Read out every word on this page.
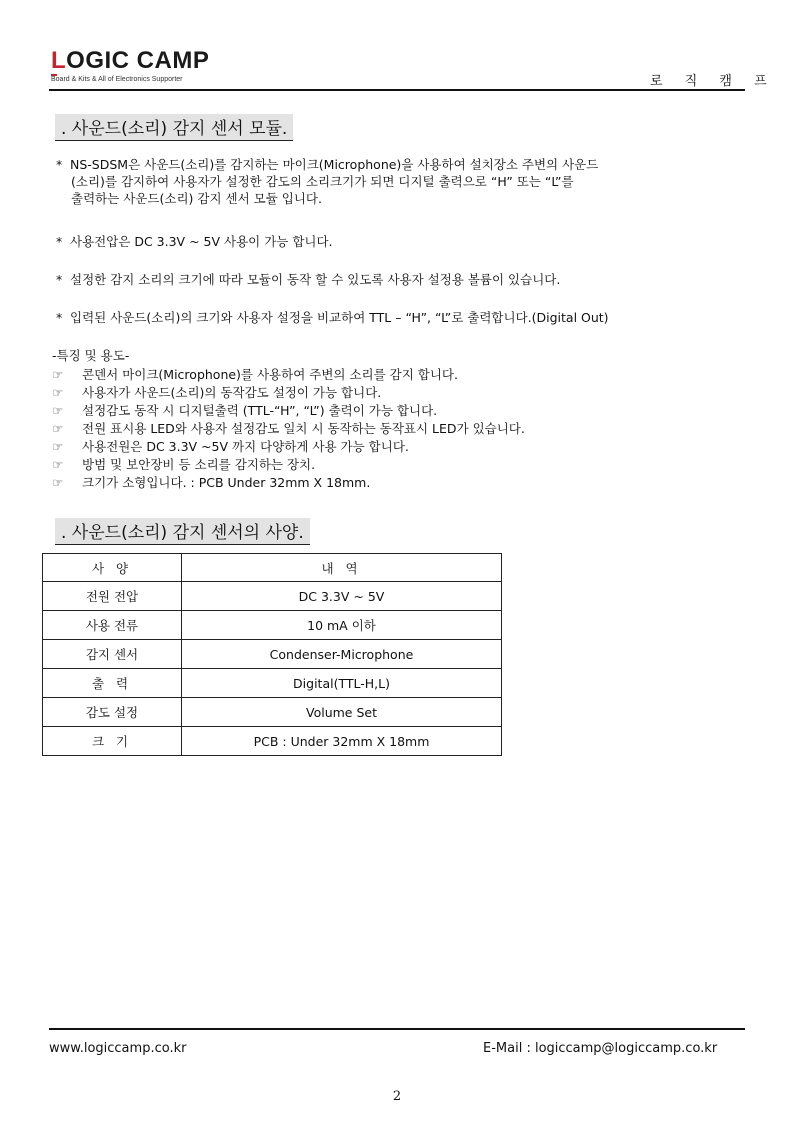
LOGIC CAMP
Board & Kits & All of Electronics Supporter	로 직 캠 프
. 사운드(소리) 감지 센서 모듈.
* NS-SDSM은 사운드(소리)를 감지하는 마이크(Microphone)을 사용하여 설치장소 주변의 사운드
(소리)를 감지하여 사용자가 설정한 감도의 소리크기가 되면 디지털 출력으로 “H” 또는 “L”를
출력하는 사운드(소리) 감지 센서 모듈 입니다.
* 사용전압은 DC 3.3V ~ 5V 사용이 가능 합니다.
* 설정한 감지 소리의 크기에 따라 모듈이 동작 할 수 있도록 사용자 설정용 볼륨이 있습니다.
* 입력된 사운드(소리)의 크기와 사용자 설정을 비교하여 TTL – “H”, “L”로 출력합니다.(Digital Out)
-특징 및 용도-
☞ 콘덴서 마이크(Microphone)를 사용하여 주변의 소리를 감지 합니다.
☞ 사용자가 사운드(소리)의 동작감도 설정이 가능 합니다.
☞ 설정감도 동작 시 디지털출력 (TTL-“H”, “L”) 출력이 가능 합니다.
☞ 전원 표시용 LED와 사용자 설정감도 일치 시 동작하는 동작표시 LED가 있습니다.
☞ 사용전원은 DC 3.3V ~5V 까지 다양하게 사용 가능 합니다.
☞ 방범 및 보안장비 등 소리를 감지하는 장치.
☞ 크기가 소형입니다. : PCB Under 32mm X 18mm.
. 사운드(소리) 감지 센서의 사양.
사 양	내 역
전원 전압	DC 3.3V ~ 5V
사용 전류	10 mA 이하
감지 센서	Condenser-Microphone
출 력	Digital(TTL-H,L)
감도 설정	Volume Set
크 기	PCB : Under 32mm X 18mm
www.logiccamp.co.kr	E-Mail : logiccamp@logiccamp.co.kr
2
